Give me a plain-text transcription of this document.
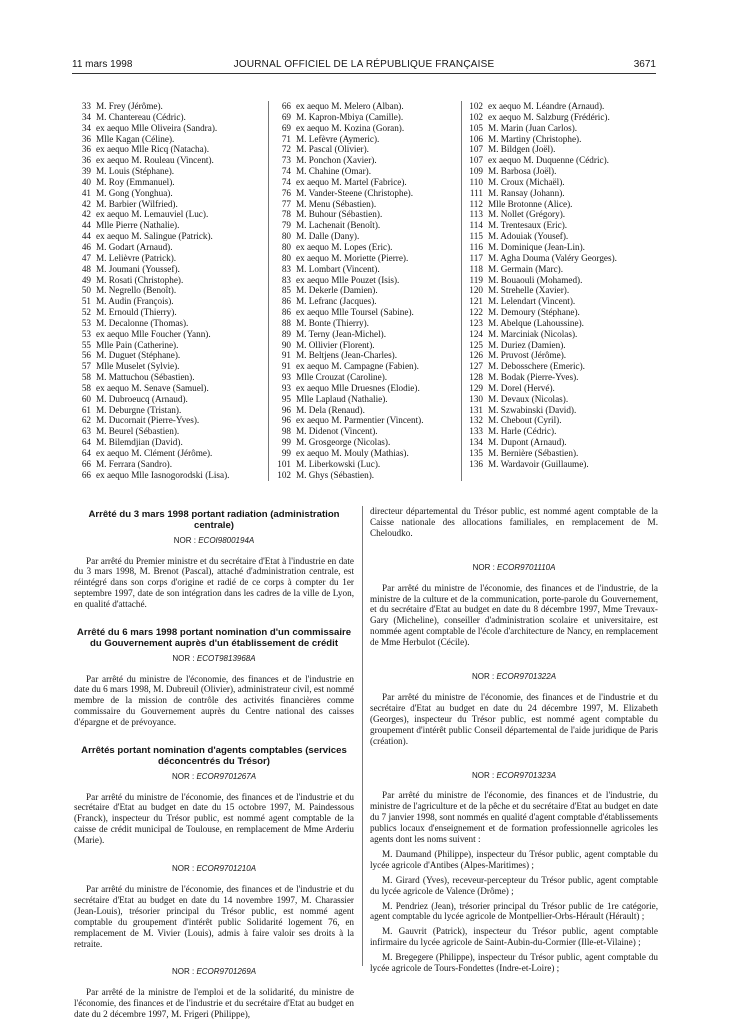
11 mars 1998	JOURNAL OFFICIEL DE LA RÉPUBLIQUE FRANÇAISE	3671
33 M. Frey (Jérôme).
34 M. Chantereau (Cédric).
34 ex aequo Mlle Oliveira (Sandra).
36 Mlle Kagan (Céline).
36 ex aequo Mlle Ricq (Natacha).
36 ex aequo M. Rouleau (Vincent).
39 M. Louis (Stéphane).
40 M. Roy (Emmanuel).
41 M. Gong (Yonghua).
42 M. Barbier (Wilfried).
42 ex aequo M. Lemauviel (Luc).
44 Mlle Pierre (Nathalie).
44 ex aequo M. Salingue (Patrick).
46 M. Godart (Arnaud).
47 M. Lelièvre (Patrick).
48 M. Joumani (Youssef).
49 M. Rosati (Christophe).
50 M. Negrello (Benoît).
51 M. Audin (François).
52 M. Ernould (Thierry).
53 M. Decalonne (Thomas).
53 ex aequo Mlle Foucher (Yann).
55 Mlle Pain (Catherine).
56 M. Duguet (Stéphane).
57 Mlle Muselet (Sylvie).
58 M. Mattuchou (Sébastien).
58 ex aequo M. Senave (Samuel).
60 M. Dubroeucq (Arnaud).
61 M. Deburgne (Tristan).
62 M. Ducornait (Pierre-Yves).
63 M. Beurel (Sébastien).
64 M. Bilemdjian (David).
64 ex aequo M. Clément (Jérôme).
66 M. Ferrara (Sandro).
66 ex aequo Mlle Iasnogorodski (Lisa).
66 ex aequo M. Melero (Alban).
69 M. Kapron-Mbiya (Camille).
69 ex aequo M. Kozina (Goran).
71 M. Lefèvre (Aymeric).
72 M. Pascal (Olivier).
73 M. Ponchon (Xavier).
74 M. Chahine (Omar).
74 ex aequo M. Martel (Fabrice).
76 M. Vander-Steene (Christophe).
77 M. Menu (Sébastien).
78 M. Buhour (Sébastien).
79 M. Lachenait (Benoît).
80 M. Dalle (Dany).
80 ex aequo M. Lopes (Eric).
80 ex aequo M. Moriette (Pierre).
83 M. Lombart (Vincent).
83 ex aequo Mlle Pouzet (Isis).
85 M. Dekerle (Damien).
86 M. Lefranc (Jacques).
86 ex aequo Mlle Toursel (Sabine).
88 M. Bonte (Thierry).
89 M. Terny (Jean-Michel).
90 M. Ollivier (Florent).
91 M. Beltjens (Jean-Charles).
91 ex aequo M. Campagne (Fabien).
93 Mlle Crouzat (Caroline).
93 ex aequo Mlle Druesnes (Elodie).
95 Mlle Laplaud (Nathalie).
96 M. Dela (Renaud).
96 ex aequo M. Parmentier (Vincent).
98 M. Didenot (Vincent).
99 M. Grosgeorge (Nicolas).
99 ex aequo M. Mouly (Mathias).
101 M. Liberkowski (Luc).
102 M. Ghys (Sébastien).
102 ex aequo M. Léandre (Arnaud).
102 ex aequo M. Salzburg (Frédéric).
105 M. Marin (Juan Carlos).
106 M. Martiny (Christophe).
107 M. Bildgen (Joël).
107 ex aequo M. Duquenne (Cédric).
109 M. Barbosa (Joël).
110 M. Croux (Michaël).
111 M. Ransay (Johann).
112 Mlle Brotonne (Alice).
113 M. Nollet (Grégory).
114 M. Trentesaux (Eric).
115 M. Adouiak (Yousef).
116 M. Dominique (Jean-Lin).
117 M. Agha Douma (Valéry Georges).
118 M. Germain (Marc).
119 M. Bouaouli (Mohamed).
120 M. Strehelle (Xavier).
121 M. Lelendart (Vincent).
122 M. Demoury (Stéphane).
123 M. Abelque (Lahoussine).
124 M. Marciniak (Nicolas).
125 M. Duriez (Damien).
126 M. Pruvost (Jérôme).
127 M. Debosschere (Emeric).
128 M. Bodak (Pierre-Yves).
129 M. Dorel (Hervé).
130 M. Devaux (Nicolas).
131 M. Szwabinski (David).
132 M. Chebout (Cyril).
133 M. Harle (Cédric).
134 M. Dupont (Arnaud).
135 M. Bernière (Sébastien).
136 M. Wardavoir (Guillaume).
Arrêté du 3 mars 1998 portant radiation (administration centrale)
NOR : ECOI9800194A

Par arrêté du Premier ministre et du secrétaire d'Etat à l'industrie en date du 3 mars 1998, M. Brenot (Pascal), attaché d'administration centrale, est réintégré dans son corps d'origine et radié de ce corps à compter du 1er septembre 1997, date de son intégration dans les cadres de la ville de Lyon, en qualité d'attaché.

Arrêté du 6 mars 1998 portant nomination d'un commissaire du Gouvernement auprès d'un établissement de crédit
NOR : ECOT9813968A

Par arrêté du ministre de l'économie, des finances et de l'industrie en date du 6 mars 1998, M. Dubreuil (Olivier), administrateur civil, est nommé membre de la mission de contrôle des activités financières comme commissaire du Gouvernement auprès du Centre national des caisses d'épargne et de prévoyance.

Arrêtés portant nomination d'agents comptables (services déconcentrés du Trésor)
NOR : ECOR9701267A

Par arrêté du ministre de l'économie, des finances et de l'industrie et du secrétaire d'Etat au budget en date du 15 octobre 1997, M. Paindessous (Franck), inspecteur du Trésor public, est nommé agent comptable de la caisse de crédit municipal de Toulouse, en remplacement de Mme Arderiu (Marie).

NOR : ECOR9701210A

Par arrêté du ministre de l'économie, des finances et de l'industrie et du secrétaire d'Etat au budget en date du 14 novembre 1997, M. Charassier (Jean-Louis), trésorier principal du Trésor public, est nommé agent comptable du groupement d'intérêt public Solidarité logement 76, en remplacement de M. Vivier (Louis), admis à faire valoir ses droits à la retraite.

NOR : ECOR9701269A

Par arrêté de la ministre de l'emploi et de la solidarité, du ministre de l'économie, des finances et de l'industrie et du secrétaire d'Etat au budget en date du 2 décembre 1997, M. Frigeri (Philippe),

directeur départemental du Trésor public, est nommé agent comptable de la Caisse nationale des allocations familiales, en remplacement de M. Cheloudko.

NOR : ECOR9701110A

Par arrêté du ministre de l'économie, des finances et de l'industrie, de la ministre de la culture et de la communication, porte-parole du Gouvernement, et du secrétaire d'Etat au budget en date du 8 décembre 1997, Mme Trevaux-Gary (Micheline), conseiller d'administration scolaire et universitaire, est nommée agent comptable de l'école d'architecture de Nancy, en remplacement de Mme Herbulot (Cécile).

NOR : ECOR9701322A

Par arrêté du ministre de l'économie, des finances et de l'industrie et du secrétaire d'Etat au budget en date du 24 décembre 1997, M. Elizabeth (Georges), inspecteur du Trésor public, est nommé agent comptable du groupement d'intérêt public Conseil départemental de l'aide juridique de Paris (création).

NOR : ECOR9701323A

Par arrêté du ministre de l'économie, des finances et de l'industrie, du ministre de l'agriculture et de la pêche et du secrétaire d'Etat au budget en date du 7 janvier 1998, sont nommés en qualité d'agent comptable d'établissements publics locaux d'enseignement et de formation professionnelle agricoles les agents dont les noms suivent :

M. Daumand (Philippe), inspecteur du Trésor public, agent comptable du lycée agricole d'Antibes (Alpes-Maritimes) ;

M. Girard (Yves), receveur-percepteur du Trésor public, agent comptable du lycée agricole de Valence (Drôme) ;

M. Pendriez (Jean), trésorier principal du Trésor public de 1re catégorie, agent comptable du lycée agricole de Montpellier-Orbs-Hérault (Hérault) ;

M. Gauvrit (Patrick), inspecteur du Trésor public, agent comptable infirmaire du lycée agricole de Saint-Aubin-du-Cormier (Ille-et-Vilaine) ;

M. Bregegere (Philippe), inspecteur du Trésor public, agent comptable du lycée agricole de Tours-Fondettes (Indre-et-Loire) ;
